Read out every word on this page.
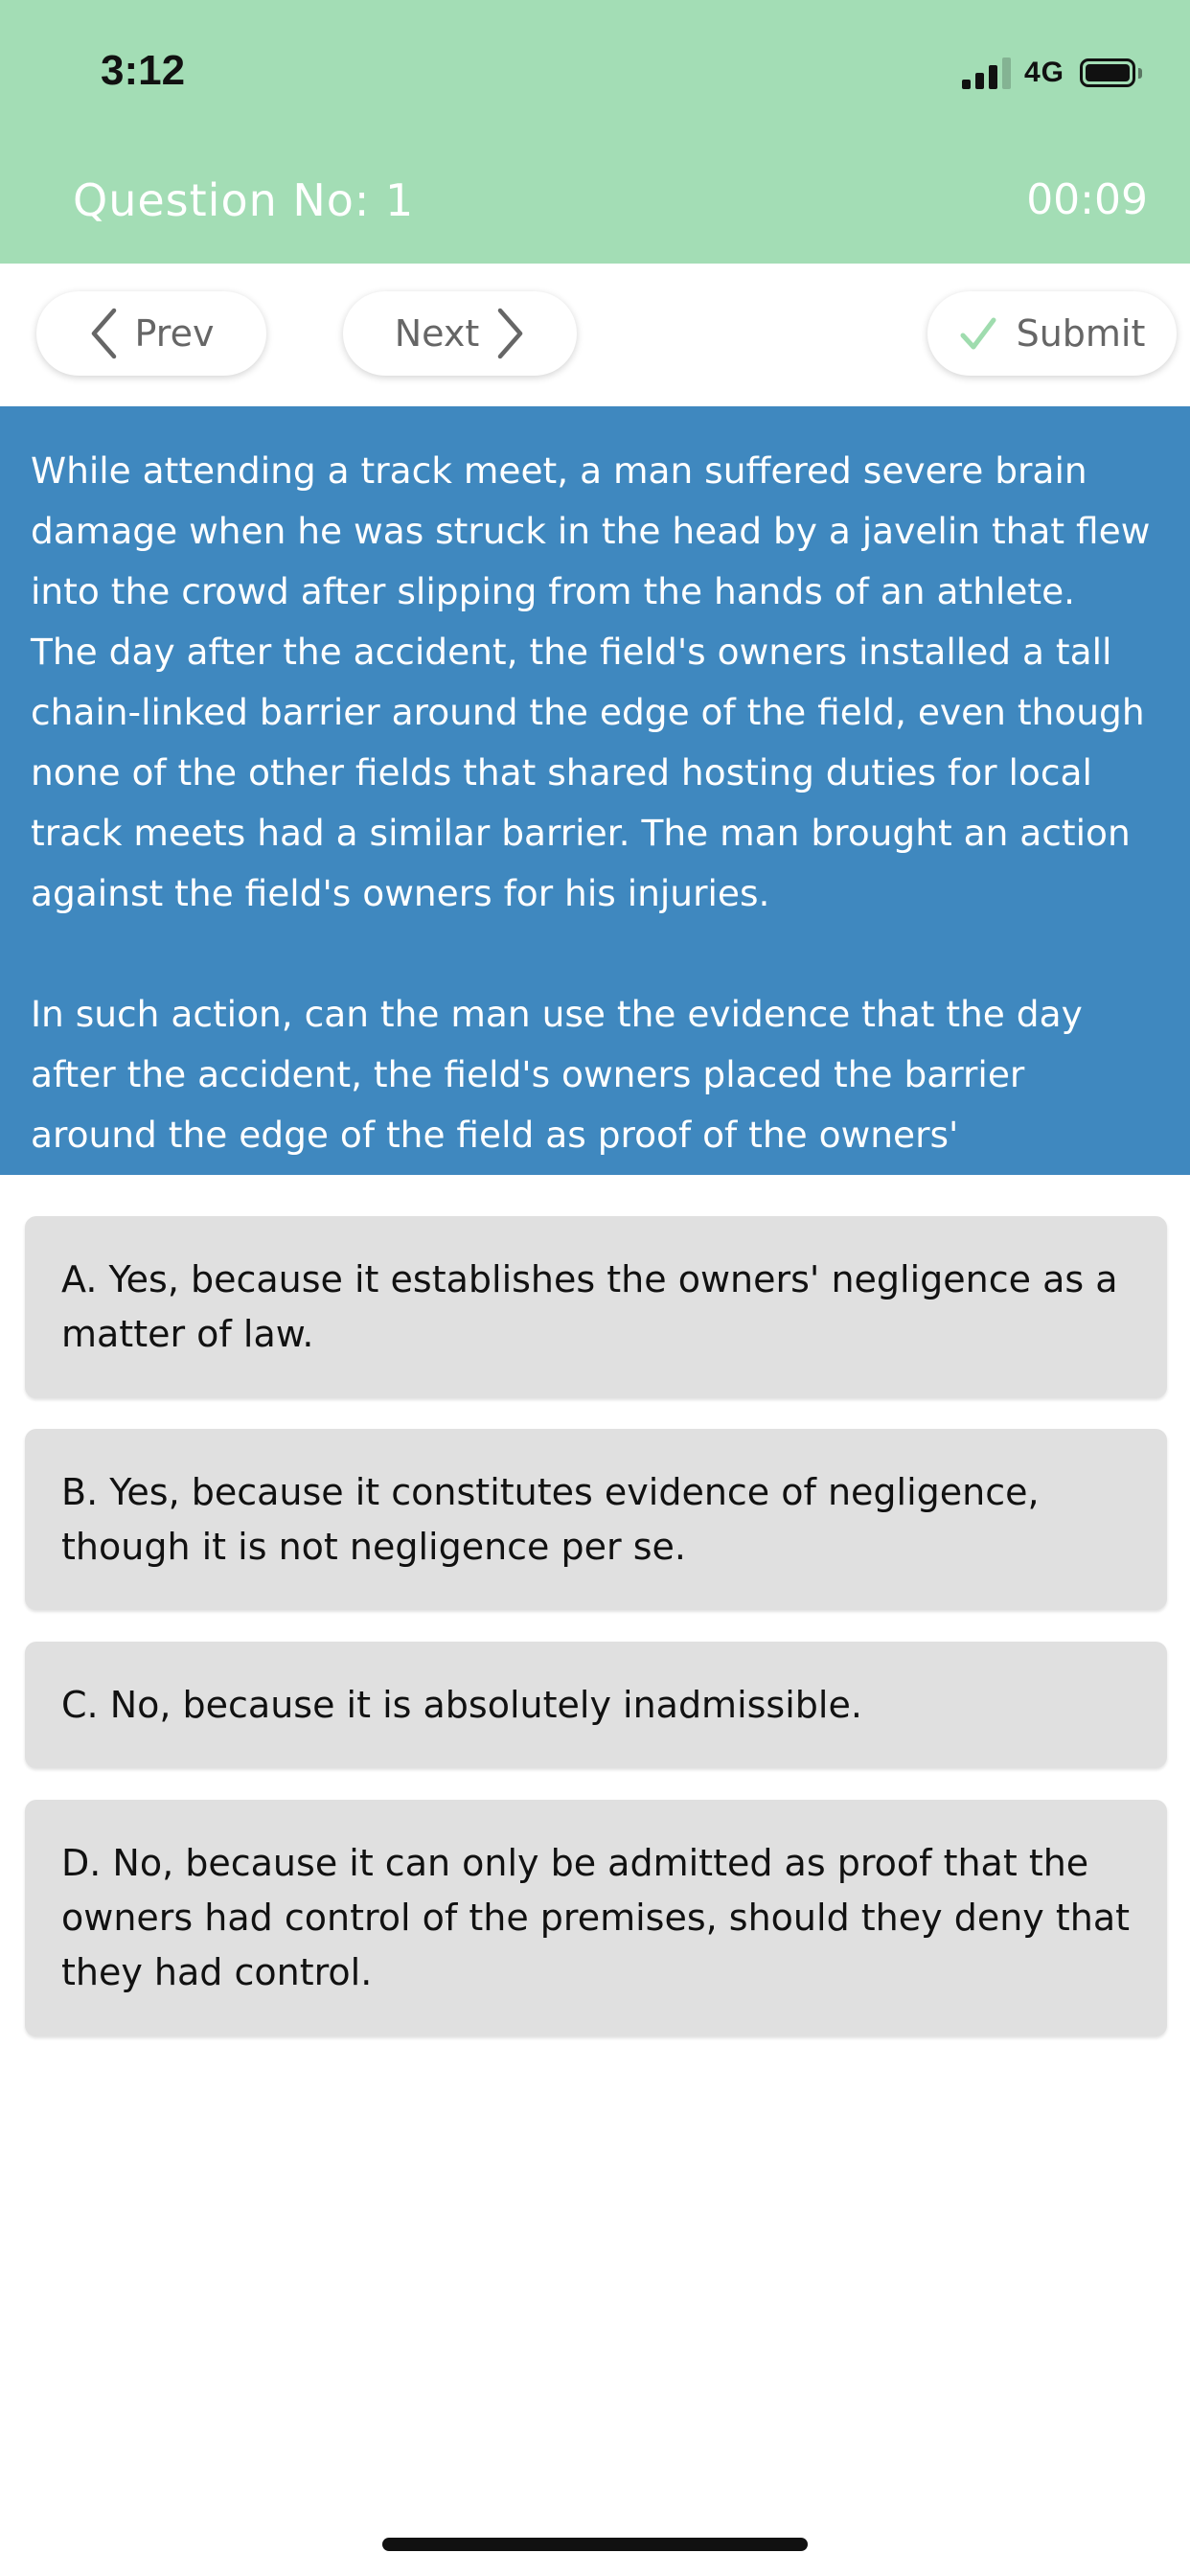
3:12	4G
Question No: 1	00:09
Prev	Next	Submit

While attending a track meet, a man suffered severe brain damage when he was struck in the head by a javelin that flew into the crowd after slipping from the hands of an athlete. The day after the accident, the field's owners installed a tall chain-linked barrier around the edge of the field, even though none of the other fields that shared hosting duties for local track meets had a similar barrier. The man brought an action against the field's owners for his injuries.

In such action, can the man use the evidence that the day after the accident, the field's owners placed the barrier around the edge of the field as proof of the owners' negligence?

A. Yes, because it establishes the owners' negligence as a matter of law.
B. Yes, because it constitutes evidence of negligence, though it is not negligence per se.
C. No, because it is absolutely inadmissible.
D. No, because it can only be admitted as proof that the owners had control of the premises, should they deny that they had control.
